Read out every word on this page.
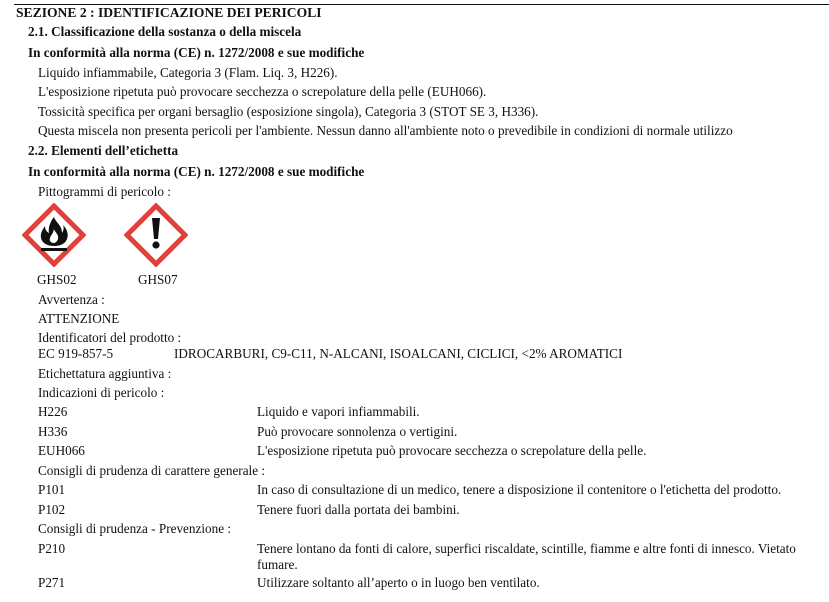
SEZIONE 2 : IDENTIFICAZIONE DEI PERICOLI
2.1. Classificazione della sostanza o della miscela
In conformità alla norma (CE) n. 1272/2008 e sue modifiche
Liquido infiammabile, Categoria 3 (Flam. Liq. 3, H226).
L'esposizione ripetuta può provocare secchezza o screpolature della pelle (EUH066).
Tossicità specifica per organi bersaglio (esposizione singola), Categoria 3 (STOT SE 3, H336).
Questa miscela non presenta pericoli per l'ambiente. Nessun danno all'ambiente noto o prevedibile in condizioni di normale utilizzo
2.2. Elementi dell’etichetta
In conformità alla norma (CE) n. 1272/2008 e sue modifiche
Pittogrammi di pericolo :
GHS02	GHS07
Avvertenza :
ATTENZIONE
Identificatori del prodotto :
EC 919-857-5	IDROCARBURI, C9-C11, N-ALCANI, ISOALCANI, CICLICI, <2% AROMATICI
Etichettatura aggiuntiva :
Indicazioni di pericolo :
H226	Liquido e vapori infiammabili.
H336	Può provocare sonnolenza o vertigini.
EUH066	L'esposizione ripetuta può provocare secchezza o screpolature della pelle.
Consigli di prudenza di carattere generale :
P101	In caso di consultazione di un medico, tenere a disposizione il contenitore o l'etichetta del prodotto.
P102	Tenere fuori dalla portata dei bambini.
Consigli di prudenza - Prevenzione :
P210	Tenere lontano da fonti di calore, superfici riscaldate, scintille, fiamme e altre fonti di innesco. Vietato
fumare.
P271	Utilizzare soltanto all’aperto o in luogo ben ventilato.
